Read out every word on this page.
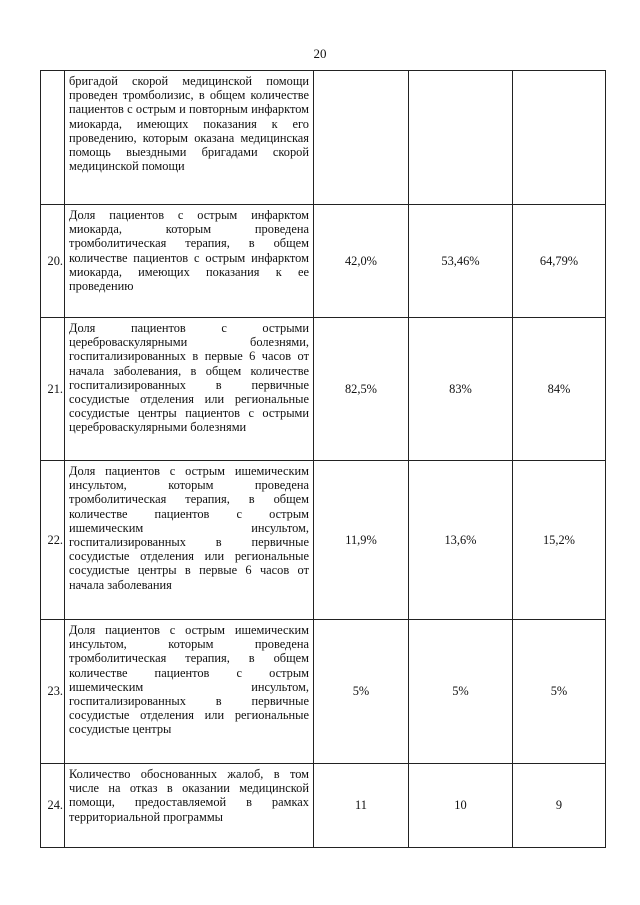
20

	бригадой скорой медицинской помощи проведен тромболизис, в общем количестве пациентов с острым и повторным инфарктом миокарда, имеющих показания к его проведению, которым оказана медицинская помощь выездными бригадами скорой медицинской помощи			

20.	Доля пациентов с острым инфарктом миокарда, которым проведена тромболитическая терапия, в общем количестве пациентов с острым инфарктом миокарда, имеющих показания к ее проведению	42,0%	53,46%	64,79%
21.	Доля пациентов с острыми цереброваскулярными болезнями, госпитализированных в первые 6 часов от начала заболевания, в общем количестве госпитализированных в первичные сосудистые отделения или региональные сосудистые центры пациентов с острыми цереброваскулярными болезнями	82,5%	83%	84%
22.	Доля пациентов с острым ишемическим инсультом, которым проведена тромболитическая терапия, в общем количестве пациентов с острым ишемическим инсультом, госпитализированных в первичные сосудистые отделения или региональные сосудистые центры в первые 6 часов от начала заболевания	11,9%	13,6%	15,2%
23.	Доля пациентов с острым ишемическим инсультом, которым проведена тромболитическая терапия, в общем количестве пациентов с острым ишемическим инсультом, госпитализированных в первичные сосудистые отделения или региональные сосудистые центры	5%	5%	5%
24.	Количество обоснованных жалоб, в том числе на отказ в оказании медицинской помощи, предоставляемой в рамках территориальной программы	11	10	9
